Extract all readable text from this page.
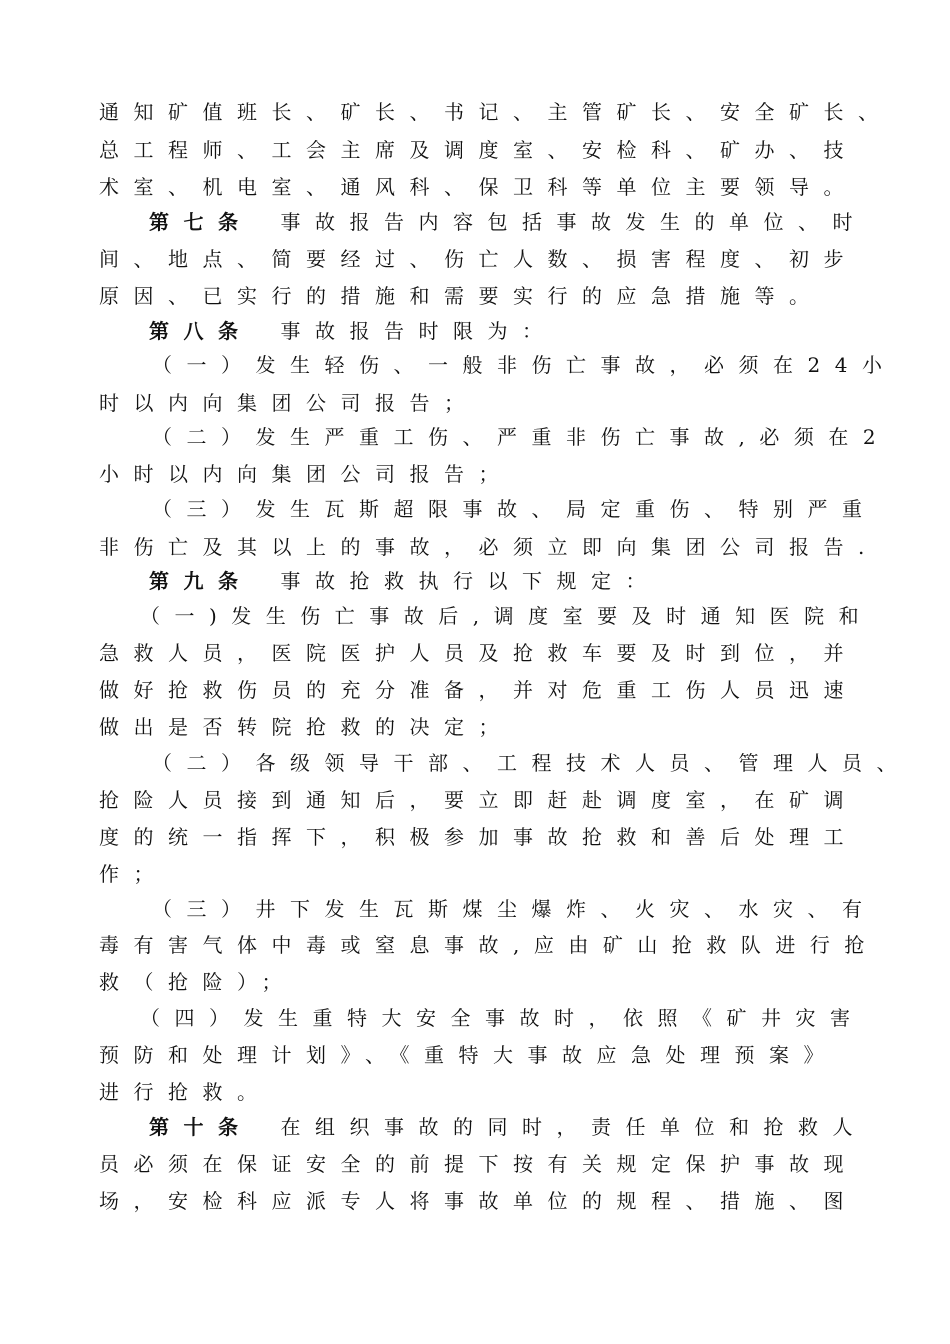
通知矿值班长、矿长、书记、主管矿长、安全矿长、
总工程师、工会主席及调度室、安检科、矿办、技
术室、机电室、通风科、保卫科等单位主要领导。
第七条 事故报告内容包括事故发生的单位、时
间、地点、简要经过、伤亡人数、损害程度、初步
原因、已实行的措施和需要实行的应急措施等。
第八条 事故报告时限为：
（一）发生轻伤、一般非伤亡事故，必须在24小
时以内向集团公司报告；
（二）发生严重工伤、严重非伤亡事故,必须在2
小时以内向集团公司报告；
（三）发生瓦斯超限事故、局定重伤、特别严重
非伤亡及其以上的事故，必须立即向集团公司报告.
第九条 事故抢救执行以下规定：
（一)发生伤亡事故后,调度室要及时通知医院和
急救人员，医院医护人员及抢救车要及时到位，并
做好抢救伤员的充分准备，并对危重工伤人员迅速
做出是否转院抢救的决定；
（二）各级领导干部、工程技术人员、管理人员、
抢险人员接到通知后，要立即赶赴调度室，在矿调
度的统一指挥下，积极参加事故抢救和善后处理工
作；
（三）井下发生瓦斯煤尘爆炸、火灾、水灾、有
毒有害气体中毒或窒息事故,应由矿山抢救队进行抢
救（抢险）；
（四）发生重特大安全事故时，依照《矿井灾害
预防和处理计划》、《重特大事故应急处理预案》
进行抢救。
第十条 在组织事故的同时，责任单位和抢救人
员必须在保证安全的前提下按有关规定保护事故现
场，安检科应派专人将事故单位的规程、措施、图
